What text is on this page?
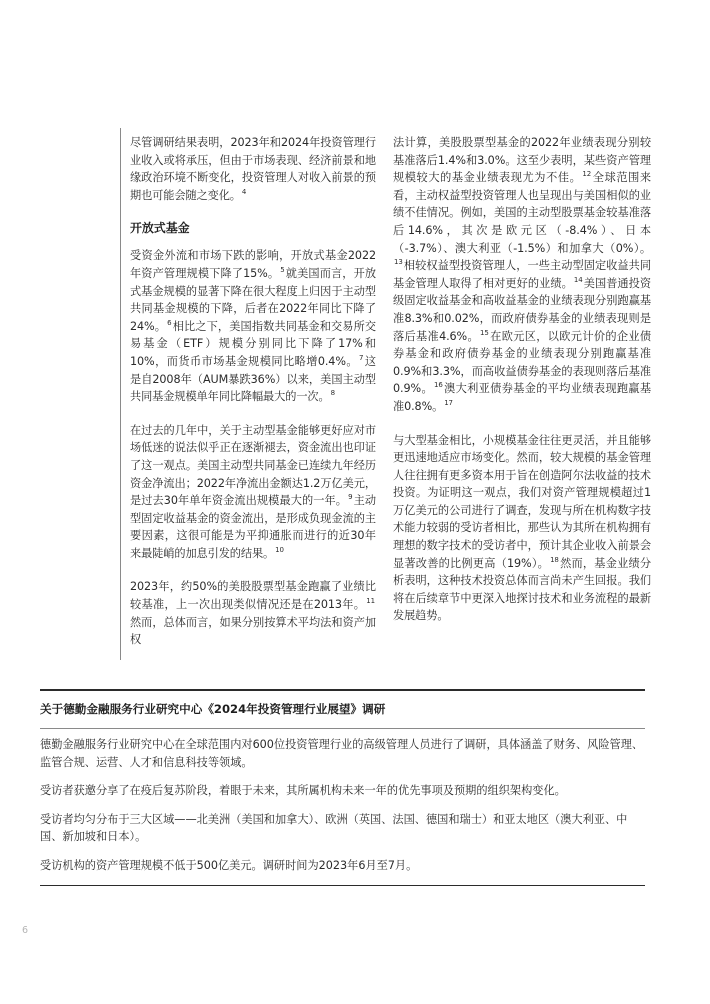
尽管调研结果表明，2023年和2024年投资管理行业收入或将承压，但由于市场表现、经济前景和地缘政治环境不断变化，投资管理人对收入前景的预期也可能会随之变化。$^4$

开放式基金

受资金外流和市场下跌的影响，开放式基金2022年资产管理规模下降了15%。$^5$就美国而言，开放式基金规模的显著下降在很大程度上归因于主动型共同基金规模的下降，后者在2022年同比下降了24%。$^6$相比之下，美国指数共同基金和交易所交易基金（ETF）规模分别同比下降了17%和10%，而货币市场基金规模同比略增0.4%。$^7$这是自2008年（AUM暴跌36%）以来，美国主动型共同基金规模单年同比降幅最大的一次。$^8$

在过去的几年中，关于主动型基金能够更好应对市场低迷的说法似乎正在逐渐褪去，资金流出也印证了这一观点。美国主动型共同基金已连续九年经历资金净流出；2022年净流出金额达1.2万亿美元，是过去30年单年资金流出规模最大的一年。$^9$主动型固定收益基金的资金流出，是形成负现金流的主要因素，这很可能是为平抑通胀而进行的近30年来最陡峭的加息引发的结果。$^{10}$

2023年，约50%的美股股票型基金跑赢了业绩比较基准，上一次出现类似情况还是在2013年。$^{11}$然而，总体而言，如果分别按算术平均法和资产加权

法计算，美股股票型基金的2022年业绩表现分别较基准落后1.4%和3.0%。这至少表明，某些资产管理规模较大的基金业绩表现尤为不佳。$^{12}$全球范围来看，主动权益型投资管理人也呈现出与美国相似的业绩不佳情况。例如，美国的主动型股票基金较基准落后14.6%，其次是欧元区（-8.4%）、日本（-3.7%）、澳大利亚（-1.5%）和加拿大（0%）。$^{13}$相较权益型投资管理人，一些主动型固定收益共同基金管理人取得了相对更好的业绩。$^{14}$美国普通投资级固定收益基金和高收益基金的业绩表现分别跑赢基准8.3%和0.02%，而政府债券基金的业绩表现则是落后基准4.6%。$^{15}$在欧元区，以欧元计价的企业债券基金和政府债券基金的业绩表现分别跑赢基准0.9%和3.3%，而高收益债券基金的表现则落后基准0.9%。$^{16}$澳大利亚债券基金的平均业绩表现跑赢基准0.8%。$^{17}$

与大型基金相比，小规模基金往往更灵活，并且能够更迅速地适应市场变化。然而，较大规模的基金管理人往往拥有更多资本用于旨在创造阿尔法收益的技术投资。为证明这一观点，我们对资产管理规模超过1万亿美元的公司进行了调查，发现与所在机构数字技术能力较弱的受访者相比，那些认为其所在机构拥有理想的数字技术的受访者中，预计其企业收入前景会显著改善的比例更高（19%）。$^{18}$然而，基金业绩分析表明，这种技术投资总体而言尚未产生回报。我们将在后续章节中更深入地探讨技术和业务流程的最新发展趋势。

关于德勤金融服务行业研究中心《2024年投资管理行业展望》调研

德勤金融服务行业研究中心在全球范围内对600位投资管理行业的高级管理人员进行了调研，具体涵盖了财务、风险管理、监管合规、运营、人才和信息科技等领域。

受访者获邀分享了在疫后复苏阶段，着眼于未来，其所属机构未来一年的优先事项及预期的组织架构变化。

受访者均匀分布于三大区域——北美洲（美国和加拿大）、欧洲（英国、法国、德国和瑞士）和亚太地区（澳大利亚、中国、新加坡和日本）。

受访机构的资产管理规模不低于500亿美元。调研时间为2023年6月至7月。

6
